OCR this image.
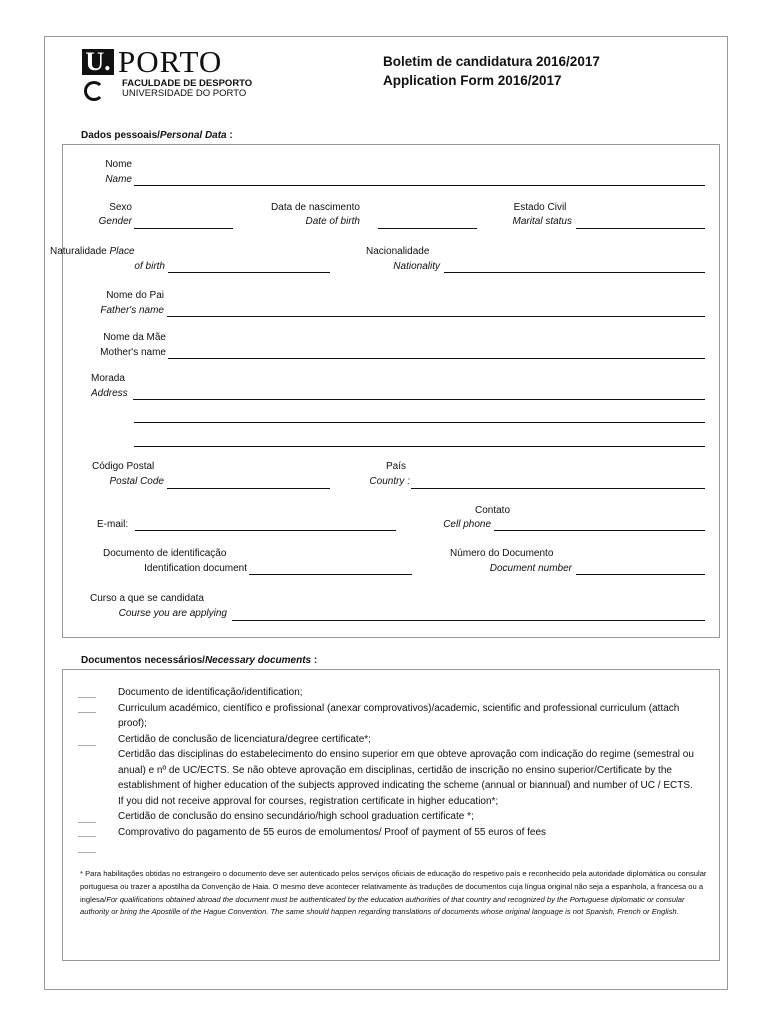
U. PORTO
FACULDADE DE DESPORTO
UNIVERSIDADE DO PORTO
Boletim de candidatura 2016/2017
Application Form 2016/2017
Dados pessoais/Personal Data :
Nome
Name
Sexo
Gender
Data de nascimento
Date of birth
Estado Civil
Marital status
Naturalidade Place
of birth
Nacionalidade
Nationality
Nome do Pai
Father's name
Nome da Mãe
Mother's name
Morada
Address
Código Postal
Postal Code
País
Country :
Contato
E-mail:	Cell phone
Documento de identificação
Identification document
Número do Documento
Document number
Curso a que se candidata
Course you are applying
Documentos necessários/Necessary documents :
Documento de identificação/identification;
Curriculum académico, científico e profissional (anexar comprovativos)/academic, scientific and professional curriculum (attach proof);
Certidão de conclusão de licenciatura/degree certificate*;
Certidão das disciplinas do estabelecimento do ensino superior em que obteve aprovação com indicação do regime (semestral ou anual) e nº de UC/ECTS. Se não obteve aprovação em disciplinas, certidão de inscrição no ensino superior/Certificate by the establishment of higher education of the subjects approved indicating the scheme (annual or biannual) and number of UC / ECTS. If you did not receive approval for courses, registration certificate in higher education*;
Certidão de conclusão do ensino secundário/high school graduation certificate *;
Comprovativo do pagamento de 55 euros de emolumentos/ Proof of payment of 55 euros of fees
* Para habilitações obtidas no estrangeiro o documento deve ser autenticado pelos serviços oficiais de educação do respetivo país e reconhecido pela autoridade diplomática ou consular portuguesa ou trazer a apostilha da Convenção de Haia. O mesmo deve acontecer relativamente às traduções de documentos cuja língua original não seja a espanhola, a francesa ou a inglesa/For qualifications obtained abroad the document must be authenticated by the education authorities of that country and recognized by the Portuguese diplomatic or consular authority or bring the Apostille of the Hague Convention. The same should happen regarding translations of documents whose original language is not Spanish, French or English.
